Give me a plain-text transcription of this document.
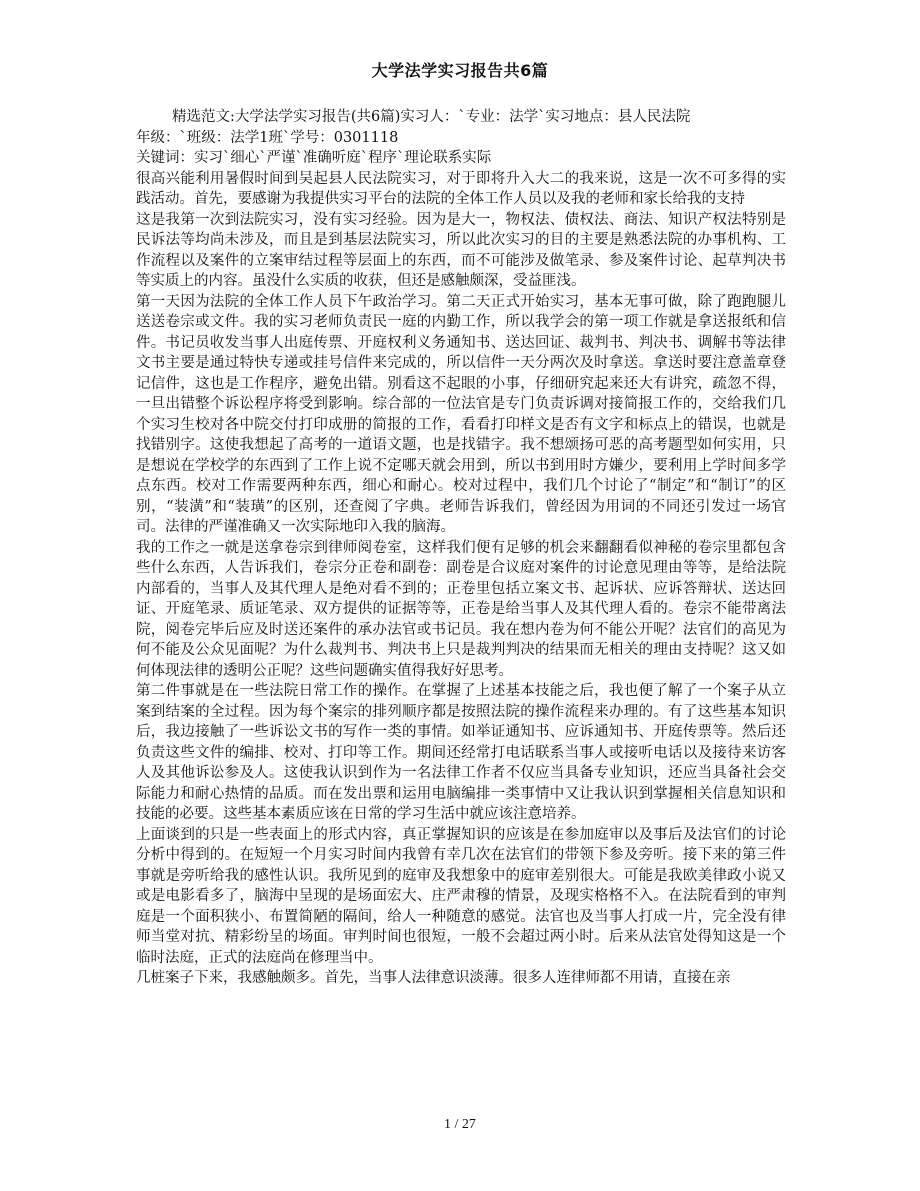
大学法学实习报告共6篇

精选范文:大学法学实习报告(共6篇)实习人：`专业：法学`实习地点：县人民法院

年级：`班级：法学1班`学号：0301118

关键词：实习`细心`严谨`准确听庭`程序`理论联系实际

很高兴能利用暑假时间到吴起县人民法院实习，对于即将升入大二的我来说，这是一次不可多得的实践活动。首先，要感谢为我提供实习平台的法院的全体工作人员以及我的老师和家长给我的支持

这是我第一次到法院实习，没有实习经验。因为是大一，物权法、债权法、商法、知识产权法特别是民诉法等均尚未涉及，而且是到基层法院实习，所以此次实习的目的主要是熟悉法院的办事机构、工作流程以及案件的立案审结过程等层面上的东西，而不可能涉及做笔录、参及案件讨论、起草判决书等实质上的内容。虽没什么实质的收获，但还是感触颇深，受益匪浅。

第一天因为法院的全体工作人员下午政治学习。第二天正式开始实习，基本无事可做，除了跑跑腿儿送送卷宗或文件。我的实习老师负责民一庭的内勤工作，所以我学会的第一项工作就是拿送报纸和信件。书记员收发当事人出庭传票、开庭权利义务通知书、送达回证、裁判书、判决书、调解书等法律文书主要是通过特快专递或挂号信件来完成的，所以信件一天分两次及时拿送。拿送时要注意盖章登记信件，这也是工作程序，避免出错。别看这不起眼的小事，仔细研究起来还大有讲究，疏忽不得，一旦出错整个诉讼程序将受到影响。综合部的一位法官是专门负责诉调对接简报工作的，交给我们几个实习生校对各中院交付打印成册的简报的工作，看看打印样文是否有文字和标点上的错误，也就是找错别字。这使我想起了高考的一道语文题，也是找错字。我不想颂扬可恶的高考题型如何实用，只是想说在学校学的东西到了工作上说不定哪天就会用到，所以书到用时方嫌少，要利用上学时间多学点东西。校对工作需要两种东西，细心和耐心。校对过程中，我们几个讨论了“制定”和“制订”的区别，“装潢”和“装璜”的区别，还查阅了字典。老师告诉我们，曾经因为用词的不同还引发过一场官司。法律的严谨准确又一次实际地印入我的脑海。

我的工作之一就是送拿卷宗到律师阅卷室，这样我们便有足够的机会来翻翻看似神秘的卷宗里都包含些什么东西，人告诉我们，卷宗分正卷和副卷：副卷是合议庭对案件的讨论意见理由等等，是给法院内部看的，当事人及其代理人是绝对看不到的；正卷里包括立案文书、起诉状、应诉答辩状、送达回证、开庭笔录、质证笔录、双方提供的证据等等，正卷是给当事人及其代理人看的。卷宗不能带离法院，阅卷完毕后应及时送还案件的承办法官或书记员。我在想内卷为何不能公开呢？法官们的高见为何不能及公众见面呢？为什么裁判书、判决书上只是裁判判决的结果而无相关的理由支持呢？这又如何体现法律的透明公正呢？这些问题确实值得我好好思考。

第二件事就是在一些法院日常工作的操作。在掌握了上述基本技能之后，我也便了解了一个案子从立案到结案的全过程。因为每个案宗的排列顺序都是按照法院的操作流程来办理的。有了这些基本知识后，我边接触了一些诉讼文书的写作一类的事情。如举证通知书、应诉通知书、开庭传票等。然后还负责这些文件的编排、校对、打印等工作。期间还经常打电话联系当事人或接听电话以及接待来访客人及其他诉讼参及人。这使我认识到作为一名法律工作者不仅应当具备专业知识，还应当具备社会交际能力和耐心热情的品质。而在发出票和运用电脑编排一类事情中又让我认识到掌握相关信息知识和技能的必要。这些基本素质应该在日常的学习生活中就应该注意培养。

上面谈到的只是一些表面上的形式内容，真正掌握知识的应该是在参加庭审以及事后及法官们的讨论分析中得到的。在短短一个月实习时间内我曾有幸几次在法官们的带领下参及旁听。接下来的第三件事就是旁听给我的感性认识。我所见到的庭审及我想象中的庭审差别很大。可能是我欧美律政小说又或是电影看多了，脑海中呈现的是场面宏大、庄严肃穆的情景，及现实格格不入。在法院看到的审判庭是一个面积狭小、布置简陋的隔间，给人一种随意的感觉。法官也及当事人打成一片，完全没有律师当堂对抗、精彩纷呈的场面。审判时间也很短，一般不会超过两小时。后来从法官处得知这是一个临时法庭，正式的法庭尚在修理当中。

几桩案子下来，我感触颇多。首先，当事人法律意识淡薄。很多人连律师都不用请，直接在亲

1 / 27
